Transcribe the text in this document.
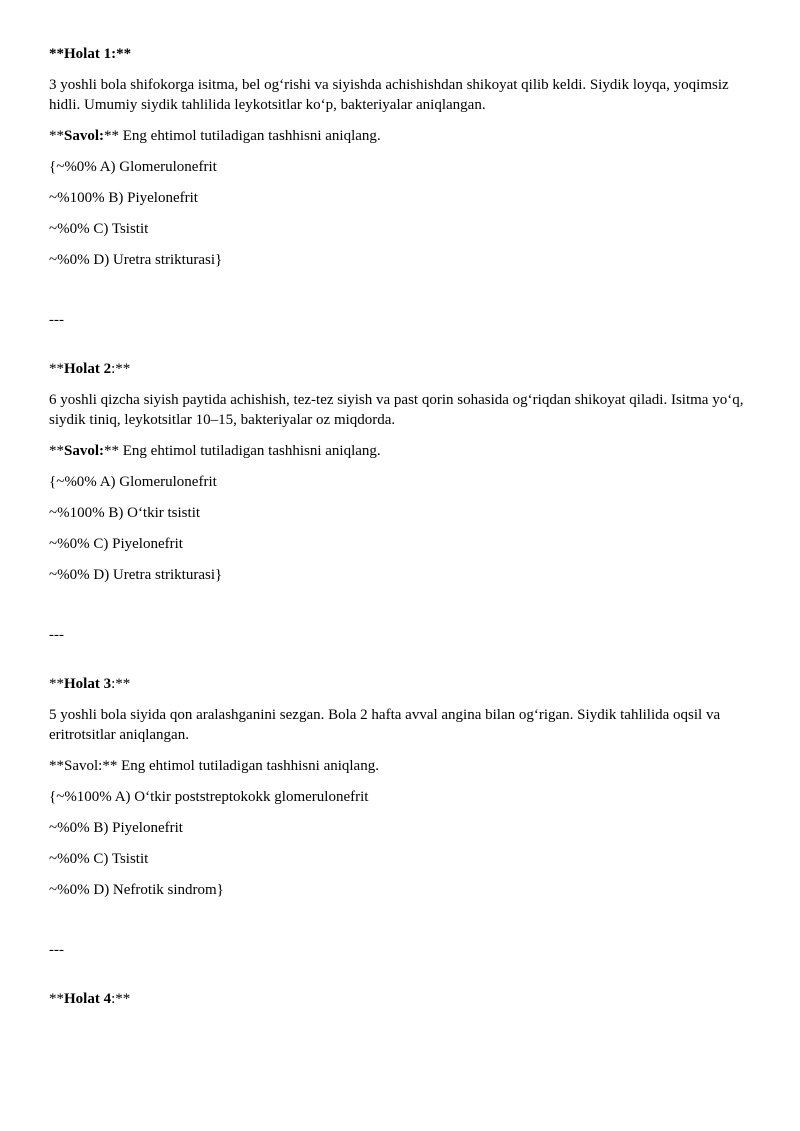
**Holat 1:**

3 yoshli bola shifokorga isitma, bel og‘rishi va siyishda achishishdan shikoyat qilib keldi. Siydik loyqa, yoqimsiz hidli. Umumiy siydik tahlilida leykotsitlar ko‘p, bakteriyalar aniqlangan.

**Savol:** Eng ehtimol tutiladigan tashhisni aniqlang.

{~%0% A) Glomerulonefrit

~%100% B) Piyelonefrit

~%0% C) Tsistit

~%0% D) Uretra strikturasi}

---

**Holat 2:**

6 yoshli qizcha siyish paytida achishish, tez-tez siyish va past qorin sohasida og‘riqdan shikoyat qiladi. Isitma yo‘q, siydik tiniq, leykotsitlar 10–15, bakteriyalar oz miqdorda.

**Savol:** Eng ehtimol tutiladigan tashhisni aniqlang.

{~%0% A) Glomerulonefrit

~%100% B) O‘tkir tsistit

~%0% C) Piyelonefrit

~%0% D) Uretra strikturasi}

---

**Holat 3:**

5 yoshli bola siyida qon aralashganini sezgan. Bola 2 hafta avval angina bilan og‘rigan. Siydik tahlilida oqsil va eritrotsitlar aniqlangan.

**Savol:** Eng ehtimol tutiladigan tashhisni aniqlang.

{~%100% A) O‘tkir poststreptokokk glomerulonefrit

~%0% B) Piyelonefrit

~%0% C) Tsistit

~%0% D) Nefrotik sindrom}

---

**Holat 4:**
